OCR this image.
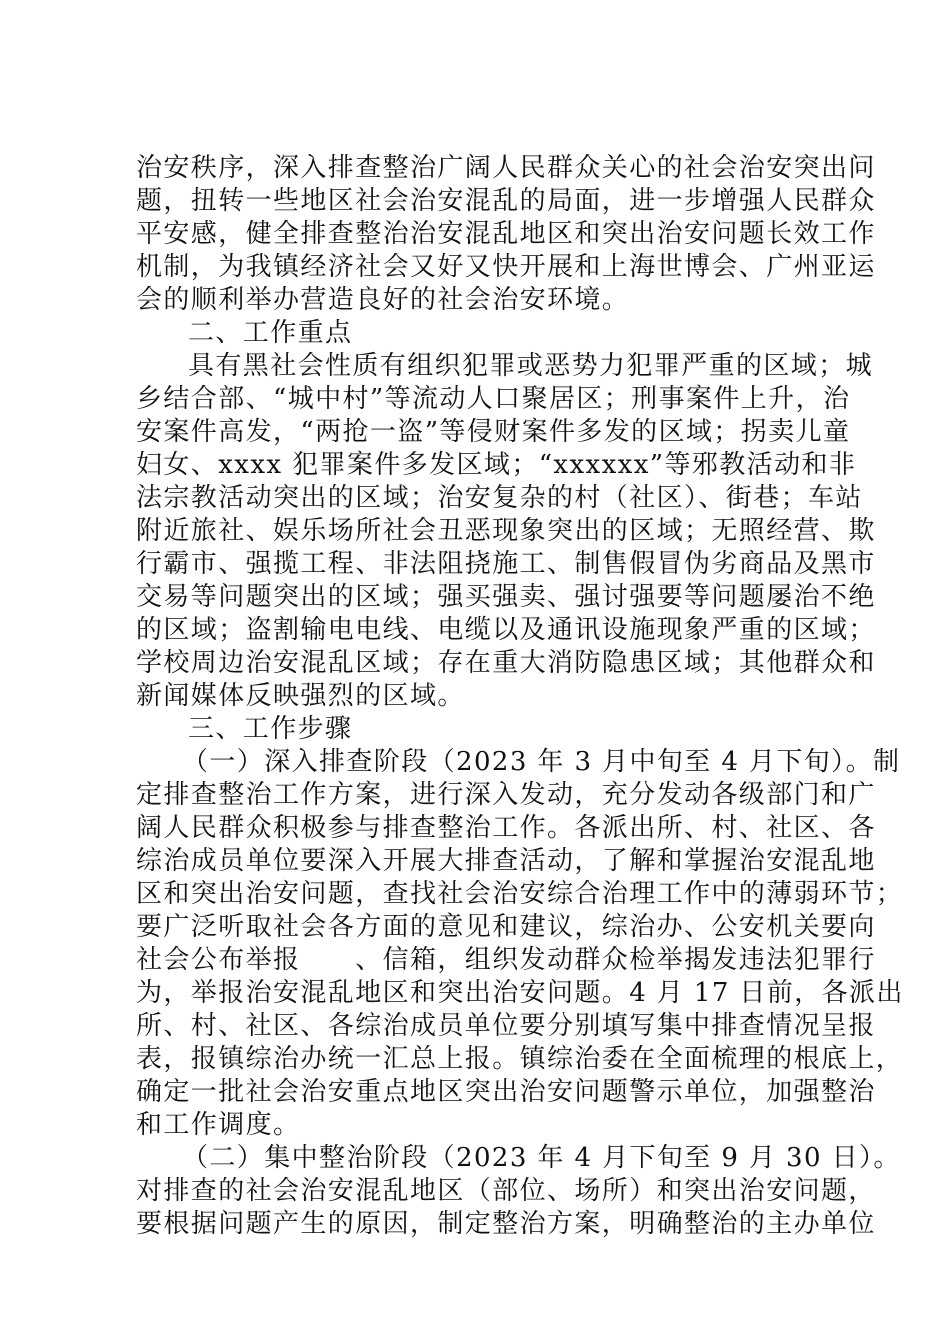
治安秩序，深入排查整治广阔人民群众关心的社会治安突出问
题，扭转一些地区社会治安混乱的局面，进一步增强人民群众
平安感，健全排查整治治安混乱地区和突出治安问题长效工作
机制，为我镇经济社会又好又快开展和上海世博会、广州亚运
会的顺利举办营造良好的社会治安环境。
二、工作重点
具有黑社会性质有组织犯罪或恶势力犯罪严重的区域；城
乡结合部、“城中村”等流动人口聚居区；刑事案件上升，治
安案件高发，“两抢一盗”等侵财案件多发的区域；拐卖儿童
妇女、xxxx 犯罪案件多发区域；“xxxxxx”等邪教活动和非
法宗教活动突出的区域；治安复杂的村（社区）、街巷；车站
附近旅社、娱乐场所社会丑恶现象突出的区域；无照经营、欺
行霸市、强揽工程、非法阻挠施工、制售假冒伪劣商品及黑市
交易等问题突出的区域；强买强卖、强讨强要等问题屡治不绝
的区域；盗割输电电线、电缆以及通讯设施现象严重的区域；
学校周边治安混乱区域；存在重大消防隐患区域；其他群众和
新闻媒体反映强烈的区域。
三、工作步骤
（一）深入排查阶段（2023 年 3 月中旬至 4 月下旬）。制
定排查整治工作方案，进行深入发动，充分发动各级部门和广
阔人民群众积极参与排查整治工作。各派出所、村、社区、各
综治成员单位要深入开展大排查活动，了解和掌握治安混乱地
区和突出治安问题，查找社会治安综合治理工作中的薄弱环节；
要广泛听取社会各方面的意见和建议，综治办、公安机关要向
社会公布举报　　、信箱，组织发动群众检举揭发违法犯罪行
为，举报治安混乱地区和突出治安问题。4 月 17 日前，各派出
所、村、社区、各综治成员单位要分别填写集中排查情况呈报
表，报镇综治办统一汇总上报。镇综治委在全面梳理的根底上，
确定一批社会治安重点地区突出治安问题警示单位，加强整治
和工作调度。
（二）集中整治阶段（2023 年 4 月下旬至 9 月 30 日）。
对排查的社会治安混乱地区（部位、场所）和突出治安问题，
要根据问题产生的原因，制定整治方案，明确整治的主办单位
